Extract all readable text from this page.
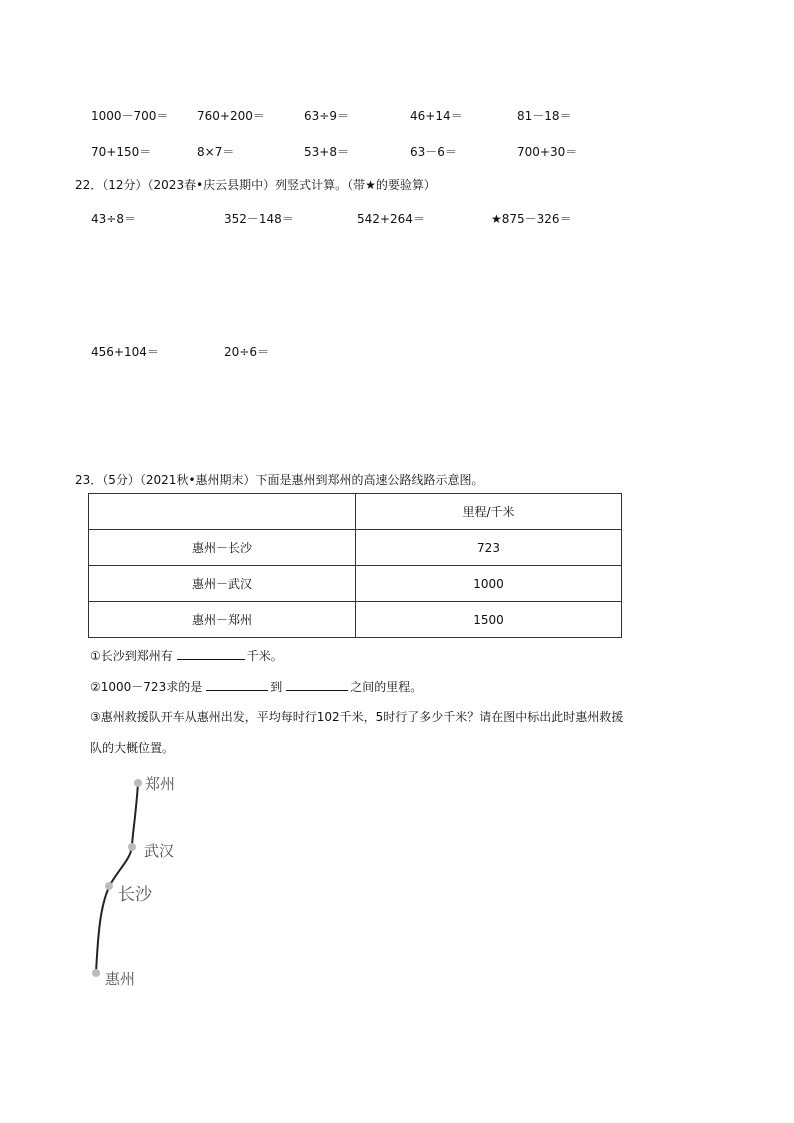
1000－700＝ 760+200＝	63÷9＝	46+14＝	81－18＝
70+150＝	8×7＝	53+8＝	63－6＝	700+30＝
22．（12分）（2023春•庆云县期中）列竖式计算。（带★的要验算）
43÷8＝	352－148＝	542+264＝	★875－326＝
456+104＝	20÷6＝
23．（5分）（2021秋•惠州期末）下面是惠州到郑州的高速公路线路示意图。
	里程/千米
惠州－长沙	723
惠州－武汉	1000
惠州－郑州	1500
①长沙到郑州有	千米。
②1000－723求的是	到	之间的里程。
③惠州救援队开车从惠州出发，平均每时行102千米，5时行了多少千米？请在图中标出此时惠州救援
队的大概位置。
郑州
武汉
长沙
惠州
